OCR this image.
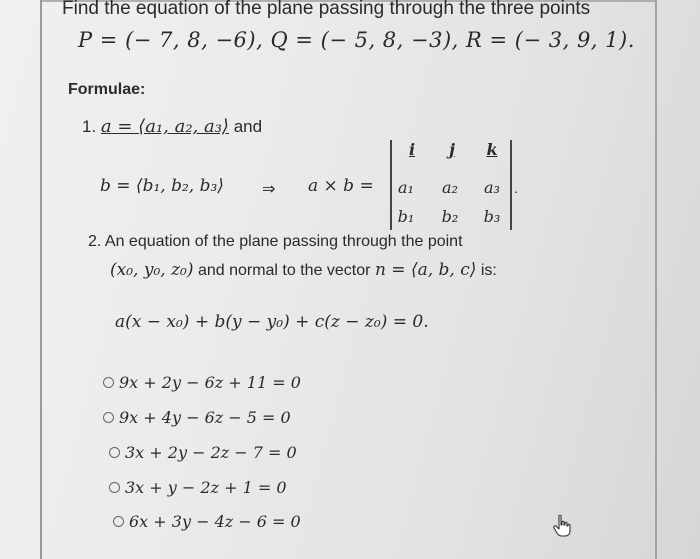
Find the equation of the plane passing through the three points
P = (− 7, 8, −6), Q = (− 5, 8, −3), R = (− 3, 9, 1).
Formulae:
1. a = ⟨a₁, a₂, a₃⟩ and
b = ⟨b₁, b₂, b₃⟩ ⇒ a × b =
i	j	k
a₁	a₂	a₃
b₁	b₂	b₃
.
2. An equation of the plane passing through the point
(x₀, y₀, z₀) and normal to the vector n = ⟨a, b, c⟩ is:
a(x − x₀) + b(y − y₀) + c(z − z₀) = 0.
9x + 2y − 6z + 11 = 0
9x + 4y − 6z − 5 = 0
3x + 2y − 2z − 7 = 0
3x + y − 2z + 1 = 0
6x + 3y − 4z − 6 = 0
